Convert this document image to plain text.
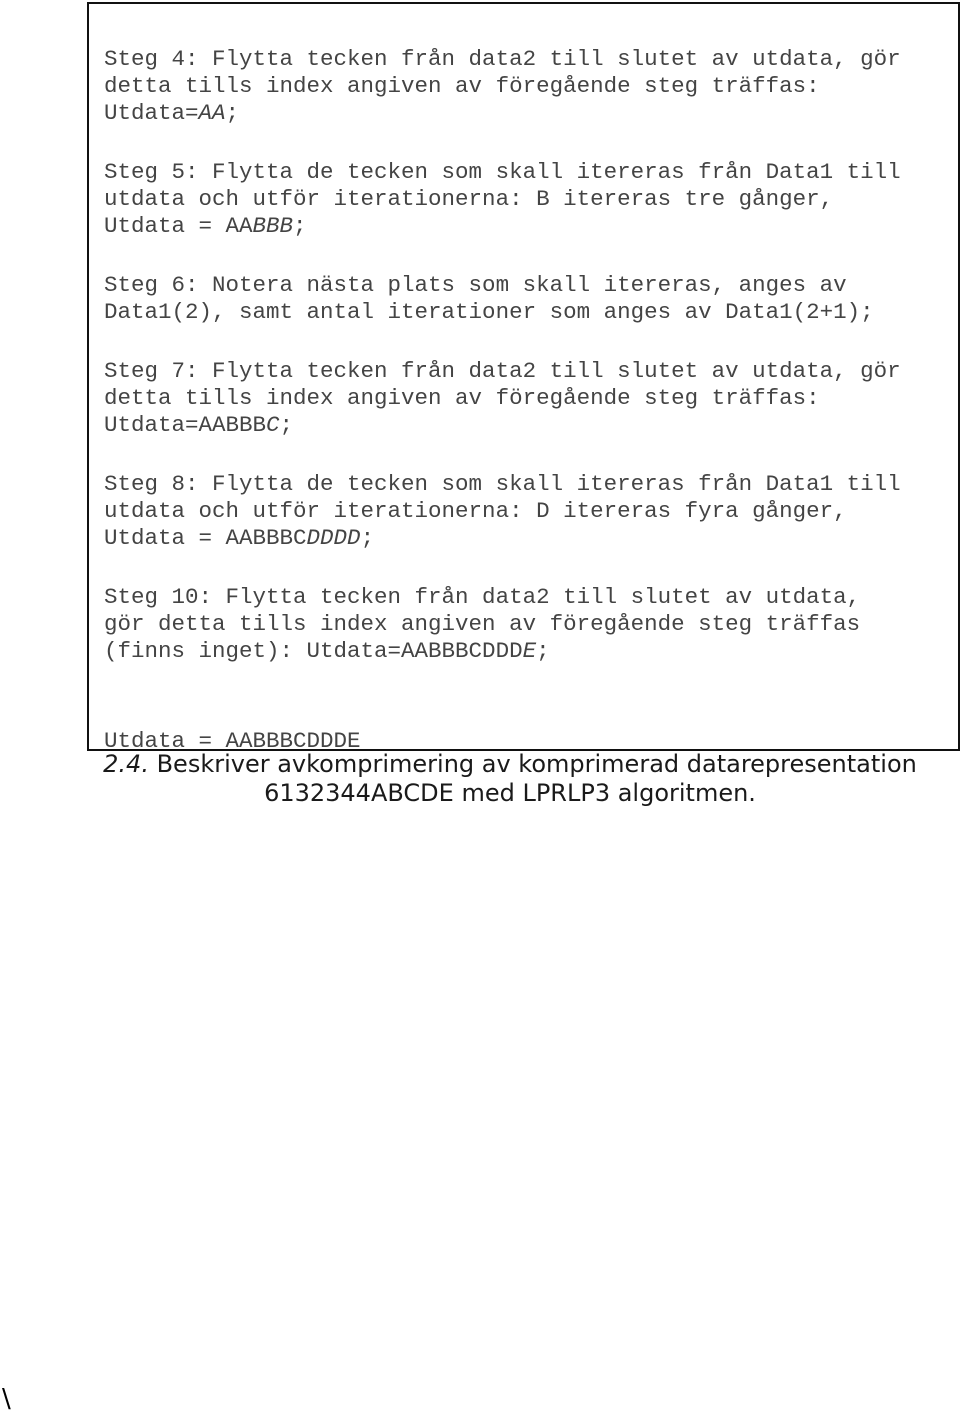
Steg 4: Flytta tecken från data2 till slutet av utdata, gör
detta tills index angiven av föregående steg träffas:
Utdata=AA;

Steg 5: Flytta de tecken som skall itereras från Data1 till
utdata och utför iterationerna: B itereras tre gånger,
Utdata = AABBB;

Steg 6: Notera nästa plats som skall itereras, anges av
Data1(2), samt antal iterationer som anges av Data1(2+1);

Steg 7: Flytta tecken från data2 till slutet av utdata, gör
detta tills index angiven av föregående steg träffas:
Utdata=AABBBC;

Steg 8: Flytta de tecken som skall itereras från Data1 till
utdata och utför iterationerna: D itereras fyra gånger,
Utdata = AABBBCDDDD;

Steg 10: Flytta tecken från data2 till slutet av utdata,
gör detta tills index angiven av föregående steg träffas
(finns inget): Utdata=AABBBCDDDE;

Utdata = AABBBCDDDE

2.4. Beskriver avkomprimering av komprimerad datarepresentation
6132344ABCDE med LPRLP3 algoritmen.

\
